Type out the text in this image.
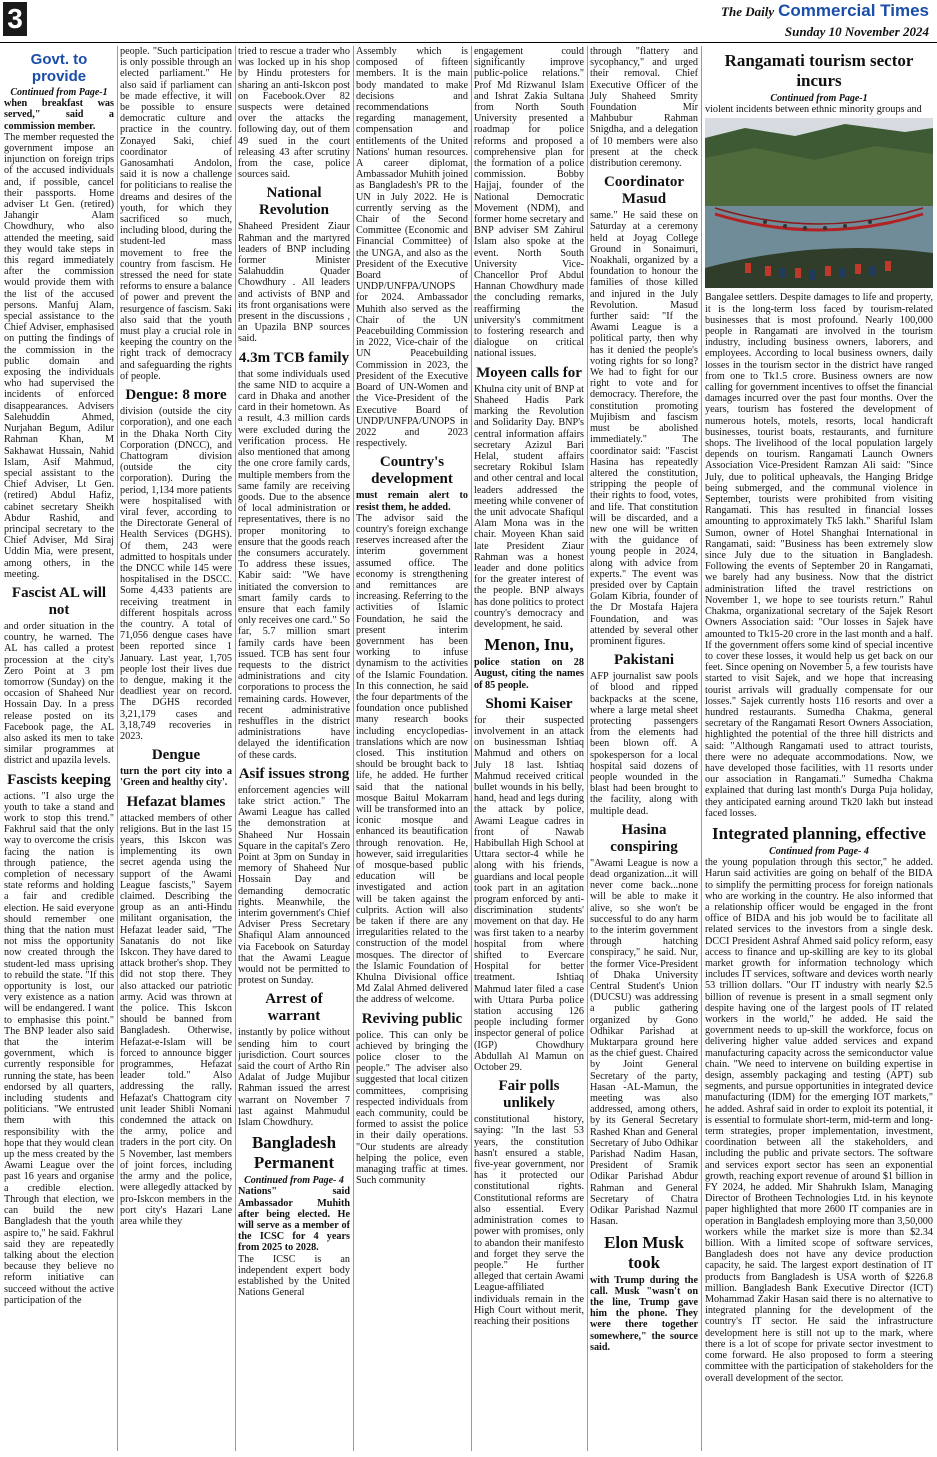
3	The Daily Commercial Times
Sunday 10 November 2024
Govt. to provide
Continued from Page-1

when breakfast was served," said a commission member.

The member requested the government impose an injunction on foreign trips of the accused individuals and, if possible, cancel their passports. Home adviser Lt Gen. (retired) Jahangir Alam Chowdhury, who also attended the meeting, said they would take steps in this regard immediately after the commission would provide them with the list of the accused persons. Manfuj Alam, special assistance to the Chief Adviser, emphasised on putting the findings of the commission in the public domain and exposing the individuals who had supervised the incidents of enforced disappearances. Advisers Salehuddin Ahmed, Nurjahan Begum, Adilur Rahman Khan, M Sakhawat Hussain, Nahid Islam, Asif Mahmud, special assistant to the Chief Adviser, Lt Gen. (retired) Abdul Hafiz, cabinet secretary Sheikh Abdur Rashid, and principal secretary to the Chief Adviser, Md Siraj Uddin Mia, were present, among others, in the meeting.

Fascist AL will not

and order situation in the country, he warned. The AL has called a protest procession at the city's Zero Point at 3 pm tomorrow (Sunday) on the occasion of Shaheed Nur Hossain Day. In a press release posted on its Facebook page, the AL also asked its men to take similar programmes at district and upazila levels.

Fascists keeping

actions. "I also urge the youth to take a stand and work to stop this trend." Fakhrul said that the only way to overcome the crisis facing the nation is through patience, the completion of necessary state reforms and holding a fair and credible election. He said everyone should remember one thing that the nation must not miss the opportunity now created through the student-led mass uprising to rebuild the state. "If this opportunity is lost, our very existence as a nation will be endangered. I want to emphasise this point." The BNP leader also said that the interim government, which is currently responsible for running the state, has been endorsed by all quarters, including students and politicians. "We entrusted them with this responsibility with the hope that they would clean up the mess created by the Awami League over the past 16 years and organise a credible election. Through that election, we can build the new Bangladesh that the youth aspire to," he said. Fakhrul said they are repeatedly talking about the election because they believe no reform initiative can succeed without the active participation of the

people. "Such participation is only possible through an elected parliament." He also said if parliament can be made effective, it will be possible to ensure democratic culture and practice in the country. Zonayed Saki, chief coordinator of Ganosamhati Andolon, said it is now a challenge for politicians to realise the dreams and desires of the youth, for which they sacrificed so much, including blood, during the student-led mass movement to free the country from fascism. He stressed the need for state reforms to ensure a balance of power and prevent the resurgence of fascism. Saki also said that the youth must play a crucial role in keeping the country on the right track of democracy and safeguarding the rights of people.

Dengue: 8 more

division (outside the city corporation), and one each in the Dhaka North City Corporation (DNCC), and Chattogram division (outside the city corporation). During the period, 1,134 more patients were hospitalised with viral fever, according to the Directorate General of Health Services (DGHS). Of them, 243 were admitted to hospitals under the DNCC while 145 were hospitalised in the DSCC. Some 4,433 patients are receiving treatment in different hospitals across the country. A total of 71,056 dengue cases have been reported since 1 January. Last year, 1,705 people lost their lives due to dengue, making it the deadliest year on record. The DGHS recorded 3,21,179 cases and 3,18,749 recoveries in 2023.

Dengue

turn the port city into a 'Green and healthy city'.

Hefazat blames

attacked members of other religions. But in the last 15 years, this Iskcon was implementing its own secret agenda using the support of the Awami League fascists," Sayem claimed. Describing the group as an anti-Hindu militant organisation, the Hefazat leader said, "The Sanatanis do not like Iskcon. They have dared to attack brother's shop. They did not stop there. They also attacked our patriotic army. Acid was thrown at the police. This Iskcon should be banned from Bangladesh. Otherwise, Hefazat-e-Islam will be forced to announce bigger programmes, Hefazat leader told." Also addressing the rally, Hefazat's Chattogram city unit leader Shibli Nomani condemned the attack on the army, police and traders in the port city. On 5 November, last members of joint forces, including the army and the police, were allegedly attacked by pro-Iskcon members in the port city's Hazari Lane area while they

tried to rescue a trader who was locked up in his shop by Hindu protesters for sharing an anti-Iskcon post on Facebook.Over 82 suspects were detained over the attacks the following day, out of them 49 sued in the court releasing 43 after scrutiny from the case, police sources said.

National Revolution

Shaheed President Ziaur Rahman and the martyred leaders of BNP including former Minister Salahuddin Quader Chowdhury . All leaders and activists of BNP and its front organisations were present in the discussions , an Upazila BNP sources said.

4.3m TCB family

that some individuals used the same NID to acquire a card in Dhaka and another card in their hometown. As a result, 4.3 million cards were excluded during the verification process. He also mentioned that among the one crore family cards, multiple members from the same family are receiving goods. Due to the absence of local administration or representatives, there is no proper monitoring to ensure that the goods reach the consumers accurately. To address these issues, Kabir said: "We have initiated the conversion to smart family cards to ensure that each family only receives one card." So far, 5.7 million smart family cards have been issued. TCB has sent four requests to the district administrations and city corporations to process the remaining cards. However, recent administrative reshuffles in the district administrations have delayed the identification of these cards.

Asif issues strong

enforcement agencies will take strict action." The Awami League has called the demonstration at Shaheed Nur Hossain Square in the capital's Zero Point at 3pm on Sunday in memory of Shaheed Nur Hossain Day and demanding democratic rights. Meanwhile, the interim government's Chief Adviser Press Secretary Shafiqul Alam announced via Facebook on Saturday that the Awami League would not be permitted to protest on Sunday.

Arrest of warrant

instantly by police without sending him to court jurisdiction. Court sources said the court of Artho Rin Adalat of Judge Mujibur Rahman issued the arrest warrant on November 7 last against Mahmudul Islam Chowdhury.

Bangladesh Permanent
Continued from Page- 4

Nations" said Ambassador Muhith after being elected. He will serve as a member of the ICSC for 4 years from 2025 to 2028.

The ICSC is an independent expert body established by the United Nations General

Assembly which is composed of fifteen members. It is the main body mandated to make decisions and recommendations regarding management, compensation and entitlements of the United Nations' human resources. A career diplomat, Ambassador Muhith joined as Bangladesh's PR to the UN in July 2022. He is currently serving as the Chair of the Second Committee (Economic and Financial Committee) of the UNGA, and also as the President of the Executive Board of UNDP/UNFPA/UNOPS for 2024. Ambassador Muhith also served as the Chair of the UN Peacebuilding Commission in 2022, Vice-chair of the UN Peacebuilding Commission in 2023, the President of the Executive Board of UN-Women and the Vice-President of the Executive Board of UNDP/UNFPA/UNOPS in 2022 and 2023 respectively.

Country's development

must remain alert to resist them, he added.

The advisor said the country's foreign exchange reserves increased after the interim government assumed office. The economy is strengthening and remittances are increasing. Referring to the activities of Islamic Foundation, he said the present interim government has been working to infuse dynamism to the activities of the Islamic Foundation. In this connection, he said the four departments of the foundation once published many research books including encyclopedias-translations which are now closed. This institution should be brought back to life, he added. He further said that the national mosque Baitul Mokarram will be transformed into an iconic mosque and enhanced its beautification through renovation. He, however, said irregularities of mosque-based public education will be investigated and action will be taken against the culprits. Action will also be taken if there are any irregularities related to the construction of the model mosques. The director of the Islamic Foundation of Khulna Divisional office Md Zalal Ahmed delivered the address of welcome.

Reviving public

police. This can only be achieved by bringing the police closer to the people." The adviser also suggested that local citizen committees, comprising respected individuals from each community, could be formed to assist the police in their daily operations. "Our students are already helping the police, even managing traffic at times. Such community

engagement could significantly improve public-police relations." Prof Md Rizwanul Islam and Ishrat Zakia Sultana from North South University presented a roadmap for police reforms and proposed a comprehensive plan for the formation of a police commission. Bobby Hajjaj, founder of the National Democratic Movement (NDM), and former home secretary and BNP adviser SM Zahirul Islam also spoke at the event. North South University Vice-Chancellor Prof Abdul Hannan Chowdhury made the concluding remarks, reaffirming the university's commitment to fostering research and dialogue on critical national issues.

Moyeen calls for

Khulna city unit of BNP at Shaheed Hadis Park marking the Revolution and Solidarity Day. BNP's central information affairs secretary Azizul Bari Helal, student affairs secretary Rokibul Islam and other central and local leaders addressed the meeting while convener of the unit advocate Shafiqul Alam Mona was in the chair. Moyeen Khan said late President Ziaur Rahman was a honest leader and done politics for the greater interest of the people. BNP always has done politics to protect country's democracy and development, he said.

Menon, Inu,

police station on 28 August, citing the names of 85 people.

Shomi Kaiser

for their suspected involvement in an attack on businessman Ishtiaq Mahmud and others on July 18 last. Ishtiaq Mahmud received critical bullet wounds in his belly, hand, head and legs during the attack by police, Awami League cadres in front of Nawab Habibullah High School at Uttara sector-4 while he along with his friends, guardians and local people took part in an agitation program enforced by anti-discrimination students' movement on that day. He was first taken to a nearby hospital from where shifted to Evercare Hospital for better treatment. Ishtiaq Mahmud later filed a case with Uttara Purba police station accusing 126 people including former inspector general of police (IGP) Chowdhury Abdullah Al Mamun on October 29.

Fair polls unlikely

constitutional history, saying: "In the last 53 years, the constitution hasn't ensured a stable, five-year government, nor has it protected our constitutional rights. Constitutional reforms are also essential. Every administration comes to power with promises, only to abandon their manifesto and forget they serve the people." He further alleged that certain Awami League-affiliated individuals remain in the High Court without merit, reaching their positions

through "flattery and sycophancy," and urged their removal. Chief Executive Officer of the July Shaheed Smrity Foundation Mir Mahbubur Rahman Snigdha, and a delegation of 10 members were also present at the check distribution ceremony.

Coordinator Masud

same." He said these on Saturday at a ceremony held at Joyag College Ground in Sonaimuri, Noakhali, organized by a foundation to honour the families of those killed and injured in the July Revolution. Masud further said: "If the Awami League is a political party, then why has it denied the people's voting rights for so long? We had to fight for our right to vote and for democracy. Therefore, the constitution promoting Mujibism and fascism must be abolished immediately." The coordinator said: "Fascist Hasina has repeatedly altered the constitution, stripping the people of their rights to food, votes, and life. That constitution will be discarded, and a new one will be written with the guidance of young people in 2024, along with advice from experts." The event was presided over by Captain Golam Kibria, founder of the Dr Mostafa Hajera Foundation, and was attended by several other prominent figures.

Pakistani

AFP journalist saw pools of blood and ripped backpacks at the scene, where a large metal sheet protecting passengers from the elements had been blown off. A spokesperson for a local hospital said dozens of people wounded in the blast had been brought to the facility, along with multiple dead.

Hasina conspiring

"Awami League is now a dead organization...it will never come back...none will be able to make it alive, so she won't be successful to do any harm to the interim government through hatching conspiracy," he said. Nur, the former Vice-President of Dhaka University Central Student's Union (DUCSU) was addressing a public gathering organized by Gono Odhikar Parishad at Muktarpara ground here as the chief guest. Chaired by Joint General Secretary of the party, Hasan -AL-Mamun, the meeting was also addressed, among others, by its General Secretary Rashed Khan and General Secretary of Jubo Odhikar Parishad Nadim Hasan, President of Sramik Odikar Parishad Abdur Rahman and General Secretary of Chatra Odikar Parishad Nazmul Hasan.

Elon Musk took

with Trump during the call. Musk "wasn't on the line, Trump gave him the phone. They were there together somewhere," the source said.

Rangamati tourism sector incurs
Continued from Page-1

violent incidents between ethnic minority groups and

Bangalee settlers. Despite damages to life and property, it is the long-term loss faced by tourism-related businesses that is most profound. Nearly 100,000 people in Rangamati are involved in the tourism industry, including business owners, laborers, and employees. According to local business owners, daily losses in the tourism sector in the district have ranged from one to Tk1.5 crore. Business owners are now calling for government incentives to offset the financial damages incurred over the past four months. Over the years, tourism has fostered the development of numerous hotels, motels, resorts, local handicraft businesses, tourist boats, restaurants, and furniture shops. The livelihood of the local population largely depends on tourism. Rangamati Launch Owners Association Vice-President Ramzan Ali said: "Since July, due to political upheavals, the Hanging Bridge being submerged, and the communal violence in September, tourists were prohibited from visiting Rangamati. This has resulted in financial losses amounting to approximately Tk5 lakh." Shariful Islam Sumon, owner of Hotel Shanghai International in Rangamati, said: "Business has been extremely slow since July due to the situation in Bangladesh. Following the events of September 20 in Rangamati, we barely had any business. Now that the district administration lifted the travel restrictions on November 1, we hope to see tourists return." Rahul Chakma, organizational secretary of the Sajek Resort Owners Association said: "Our losses in Sajek have amounted to Tk15-20 crore in the last month and a half. If the government offers some kind of special incentive to cover these losses, it would help us get back on our feet. Since opening on November 5, a few tourists have started to visit Sajek, and we hope that increasing tourist arrivals will gradually compensate for our losses." Sajek currently hosts 116 resorts and over a hundred restaurants. Sumedha Chakma, general secretary of the Rangamati Resort Owners Association, highlighted the potential of the three hill districts and said: "Although Rangamati used to attract tourists, there were no adequate accommodations. Now, we have developed those facilities, with 11 resorts under our association in Rangamati." Sumedha Chakma explained that during last month's Durga Puja holiday, they anticipated earning around Tk20 lakh but instead faced losses.

Integrated planning, effective
Continued from Page- 4

the young population through this sector," he added. Harun said activities are going on behalf of the BIDA to simplify the permitting process for foreign nationals who are working in the country. He also informed that a relationship officer would be engaged in the front office of BIDA and his job would be to facilitate all related services to the investors from a single desk. DCCI President Ashraf Ahmed said policy reform, easy access to finance and up-skilling are key to its global market growth for information technology which includes IT services, software and devices worth nearly 53 trillion dollars. "Our IT industry with nearly $2.5 billion of revenue is present in a small segment only despite having one of the largest pools of IT related workers in the world," he added. He said the government needs to up-skill the workforce, focus on delivering higher value added services and expand manufacturing capacity across the semiconductor value chain. "We need to intervene on building expertise in design, assembly packaging and testing (APT) sub segments, and pursue opportunities in integrated device manufacturing (IDM) for the emerging IOT markets," he added. Ashraf said in order to exploit its potential, it is essential to formulate short-term, mid-term and long-term strategies, proper implementation, investment, coordination between all the stakeholders, and including the public and private sectors. The software and services export sector has seen an exponential growth, reaching export revenue of around $1 billion in FY 2024, he added. Mir Shahrukh Islam, Managing Director of Brotheen Technologies Ltd. in his keynote paper highlighted that more 2600 IT companies are in operation in Bangladesh employing more than 3,50,000 workers while the market size is more than $2.34 billion. With a limited scope of software services, Bangladesh does not have any device production capacity, he said. The largest export destination of IT products from Bangladesh is USA worth of $226.8 million. Bangladesh Bank Executive Director (ICT) Mohammad Zakir Hasan said there is no alternative to integrated planning for the development of the country's IT sector. He said the infrastructure development here is still not up to the mark, where there is a lot of scope for private sector investment to come forward. He also proposed to form a steering committee with the participation of stakeholders for the overall development of the sector.
